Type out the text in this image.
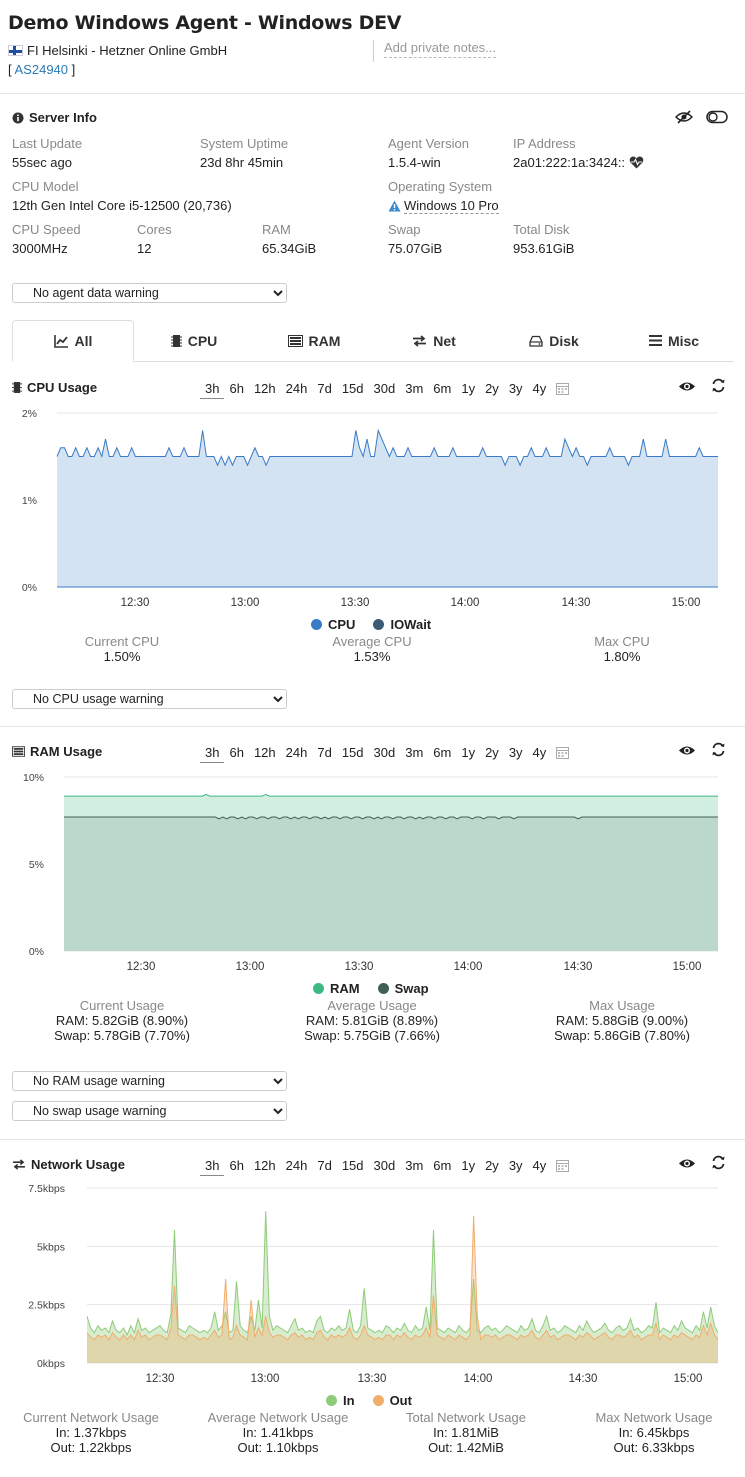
Demo Windows Agent - Windows DEV
FI Helsinki - Hetzner Online GmbH
[ AS24940 ]
Add private notes...
Server Info
Last Update
55sec ago
System Uptime
23d 8hr 45min
Agent Version
1.5.4-win
IP Address
2a01:222:1a:3424::
CPU Model
12th Gen Intel Core i5-12500 (20,736)
Operating System
Windows 10 Pro
CPU Speed
3000MHz
Cores
12
RAM
65.34GiB
Swap
75.07GiB
Total Disk
953.61GiB
No agent data warning
All	CPU	RAM	Net	Disk	Misc
CPU Usage	3h 6h 12h 24h 7d 15d 30d 3m 6m 1y 2y 3y 4y
0%
1%
2%
12:30	13:00	13:30	14:00	14:30	15:00
CPU	IOWait
Current CPU
1.50%
Average CPU
1.53%
Max CPU
1.80%
No CPU usage warning
RAM Usage	3h 6h 12h 24h 7d 15d 30d 3m 6m 1y 2y 3y 4y
0%
5%
10%
12:30	13:00	13:30	14:00	14:30	15:00
RAM	Swap
Current Usage
RAM: 5.82GiB (8.90%)
Swap: 5.78GiB (7.70%)
Average Usage
RAM: 5.81GiB (8.89%)
Swap: 5.75GiB (7.66%)
Max Usage
RAM: 5.88GiB (9.00%)
Swap: 5.86GiB (7.80%)
No RAM usage warning
No swap usage warning
Network Usage	3h 6h 12h 24h 7d 15d 30d 3m 6m 1y 2y 3y 4y
0kbps
2.5kbps
5kbps
7.5kbps
12:30	13:00	13:30	14:00	14:30	15:00
In	Out
Current Network Usage
In: 1.37kbps
Out: 1.22kbps
Average Network Usage
In: 1.41kbps
Out: 1.10kbps
Total Network Usage
In: 1.81MiB
Out: 1.42MiB
Max Network Usage
In: 6.45kbps
Out: 6.33kbps
